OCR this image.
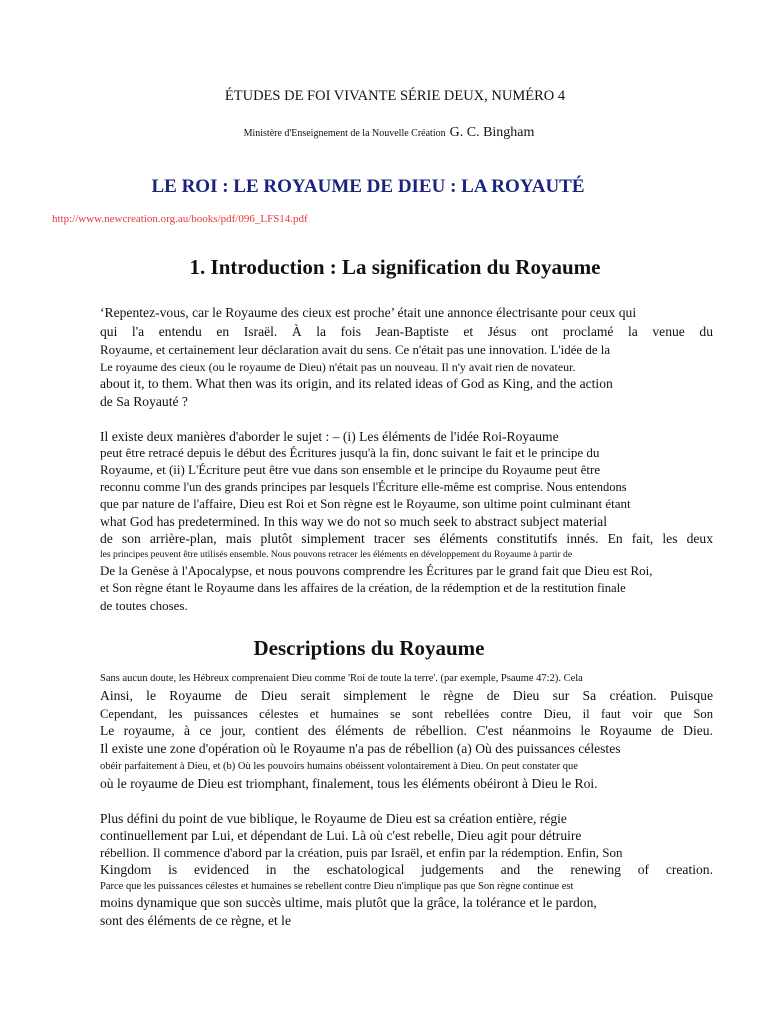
ÉTUDES DE FOI VIVANTE SÉRIE DEUX, NUMÉRO 4
Ministère d'Enseignement de la Nouvelle Création G. C. Bingham
LE ROI : LE ROYAUME DE DIEU : LA ROYAUTÉ
http://www.newcreation.org.au/books/pdf/096_LFS14.pdf
1. Introduction : La signification du Royaume
‘Repentez-vous, car le Royaume des cieux est proche’ était une annonce électrisante pour ceux qui
qui l'a entendu en Israël. À la fois Jean-Baptiste et Jésus ont proclamé la venue du
Royaume, et certainement leur déclaration avait du sens. Ce n'était pas une innovation. L'idée de la
Le royaume des cieux (ou le royaume de Dieu) n'était pas un nouveau. Il n'y avait rien de novateur.
about it, to them. What then was its origin, and its related ideas of God as King, and the action
de Sa Royauté ?
Il existe deux manières d'aborder le sujet : – (i) Les éléments de l'idée Roi-Royaume
peut être retracé depuis le début des Écritures jusqu'à la fin, donc suivant le fait et le principe du
Royaume, et (ii) L'Écriture peut être vue dans son ensemble et le principe du Royaume peut être
reconnu comme l'un des grands principes par lesquels l'Écriture elle-même est comprise. Nous entendons
que par nature de l'affaire, Dieu est Roi et Son règne est le Royaume, son ultime point culminant étant
what God has predetermined. In this way we do not so much seek to abstract subject material
de son arrière-plan, mais plutôt simplement tracer ses éléments constitutifs innés. En fait, les deux
les principes peuvent être utilisés ensemble. Nous pouvons retracer les éléments en développement du Royaume à partir de
De la Genèse à l'Apocalypse, et nous pouvons comprendre les Écritures par le grand fait que Dieu est Roi,
et Son règne étant le Royaume dans les affaires de la création, de la rédemption et de la restitution finale
de toutes choses.
Descriptions du Royaume
Sans aucun doute, les Hébreux comprenaient Dieu comme 'Roi de toute la terre'. (par exemple, Psaume 47:2). Cela
Ainsi, le Royaume de Dieu serait simplement le règne de Dieu sur Sa création. Puisque
Cependant, les puissances célestes et humaines se sont rebellées contre Dieu, il faut voir que Son
Le royaume, à ce jour, contient des éléments de rébellion. C'est néanmoins le Royaume de Dieu.
Il existe une zone d'opération où le Royaume n'a pas de rébellion (a) Où des puissances célestes
obéir parfaitement à Dieu, et (b) Où les pouvoirs humains obéissent volontairement à Dieu. On peut constater que
où le royaume de Dieu est triomphant, finalement, tous les éléments obéiront à Dieu le Roi.
Plus défini du point de vue biblique, le Royaume de Dieu est sa création entière, régie
continuellement par Lui, et dépendant de Lui. Là où c'est rebelle, Dieu agit pour détruire
rébellion. Il commence d'abord par la création, puis par Israël, et enfin par la rédemption. Enfin, Son
Kingdom is evidenced in the eschatological judgements and the renewing of creation.
Parce que les puissances célestes et humaines se rebellent contre Dieu n'implique pas que Son règne continue est
moins dynamique que son succès ultime, mais plutôt que la grâce, la tolérance et le pardon,
sont des éléments de ce règne, et le
